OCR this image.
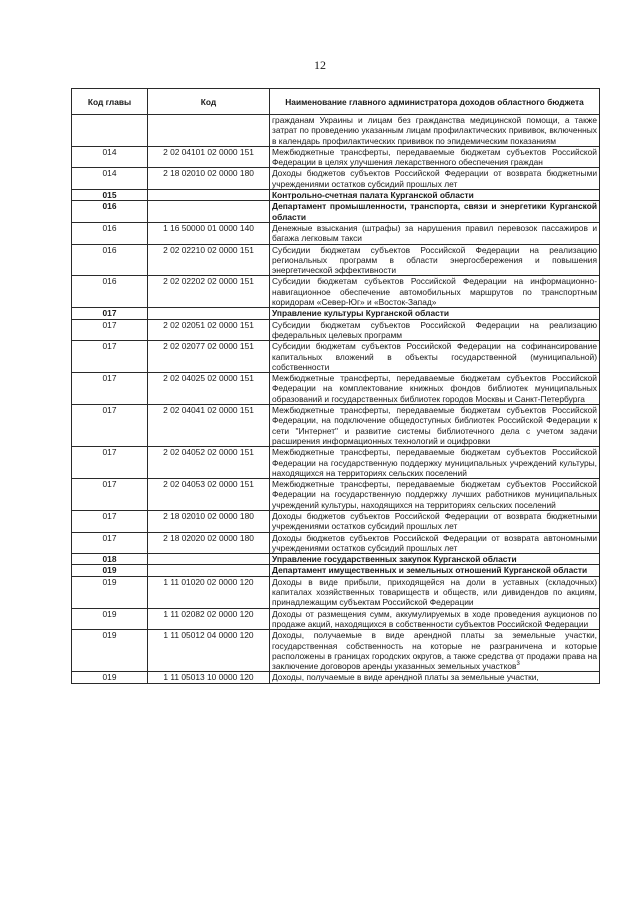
12
Код главы	Код	Наименование главного администратора доходов областного бюджета
		гражданам Украины и лицам без гражданства медицинской помощи, а также затрат по проведению указанным лицам профилактических прививок, включенных в календарь профилактических прививок по эпидемическим показаниям
014	2 02 04101 02 0000 151	Межбюджетные трансферты, передаваемые бюджетам субъектов Российской Федерации в целях улучшения лекарственного обеспечения граждан
014	2 18 02010 02 0000 180	Доходы бюджетов субъектов Российской Федерации от возврата бюджетными учреждениями остатков субсидий прошлых лет
015		Контрольно-счетная палата Курганской области
016		Департамент промышленности, транспорта, связи и энергетики Курганской области
016	1 16 50000 01 0000 140	Денежные взыскания (штрафы) за нарушения правил перевозок пассажиров и багажа легковым такси
016	2 02 02210 02 0000 151	Субсидии бюджетам субъектов Российской Федерации на реализацию региональных программ в области энергосбережения и повышения энергетической эффективности
016	2 02 02202 02 0000 151	Субсидии бюджетам субъектов Российской Федерации на информационно-навигационное обеспечение автомобильных маршрутов по транспортным коридорам «Север-Юг» и «Восток-Запад»
017		Управление культуры Курганской области
017	2 02 02051 02 0000 151	Субсидии бюджетам субъектов Российской Федерации на реализацию федеральных целевых программ
017	2 02 02077 02 0000 151	Субсидии бюджетам субъектов Российской Федерации на софинансирование капитальных вложений в объекты государственной (муниципальной) собственности
017	2 02 04025 02 0000 151	Межбюджетные трансферты, передаваемые бюджетам субъектов Российской Федерации на комплектование книжных фондов библиотек муниципальных образований и государственных библиотек городов Москвы и Санкт-Петербурга
017	2 02 04041 02 0000 151	Межбюджетные трансферты, передаваемые бюджетам субъектов Российской Федерации, на подключение общедоступных библиотек Российской Федерации к сети "Интернет" и развитие системы библиотечного дела с учетом задачи расширения информационных технологий и оцифровки
017	2 02 04052 02 0000 151	Межбюджетные трансферты, передаваемые бюджетам субъектов Российской Федерации на государственную поддержку муниципальных учреждений культуры, находящихся на территориях сельских поселений
017	2 02 04053 02 0000 151	Межбюджетные трансферты, передаваемые бюджетам субъектов Российской Федерации на государственную поддержку лучших работников муниципальных учреждений культуры, находящихся на территориях сельских поселений
017	2 18 02010 02 0000 180	Доходы бюджетов субъектов Российской Федерации от возврата бюджетными учреждениями остатков субсидий прошлых лет
017	2 18 02020 02 0000 180	Доходы бюджетов субъектов Российской Федерации от возврата автономными учреждениями остатков субсидий прошлых лет
018		Управление государственных закупок Курганской области
019		Департамент имущественных и земельных отношений Курганской области
019	1 11 01020 02 0000 120	Доходы в виде прибыли, приходящейся на доли в уставных (складочных) капиталах хозяйственных товариществ и обществ, или дивидендов по акциям, принадлежащим субъектам Российской Федерации
019	1 11 02082 02 0000 120	Доходы от размещения сумм, аккумулируемых в ходе проведения аукционов по продаже акций, находящихся в собственности субъектов Российской Федерации
019	1 11 05012 04 0000 120	Доходы, получаемые в виде арендной платы за земельные участки, государственная собственность на которые не разграничена и которые расположены в границах городских округов, а также средства от продажи права на заключение договоров аренды указанных земельных участков$^3$
019	1 11 05013 10 0000 120	Доходы, получаемые в виде арендной платы за земельные участки,
